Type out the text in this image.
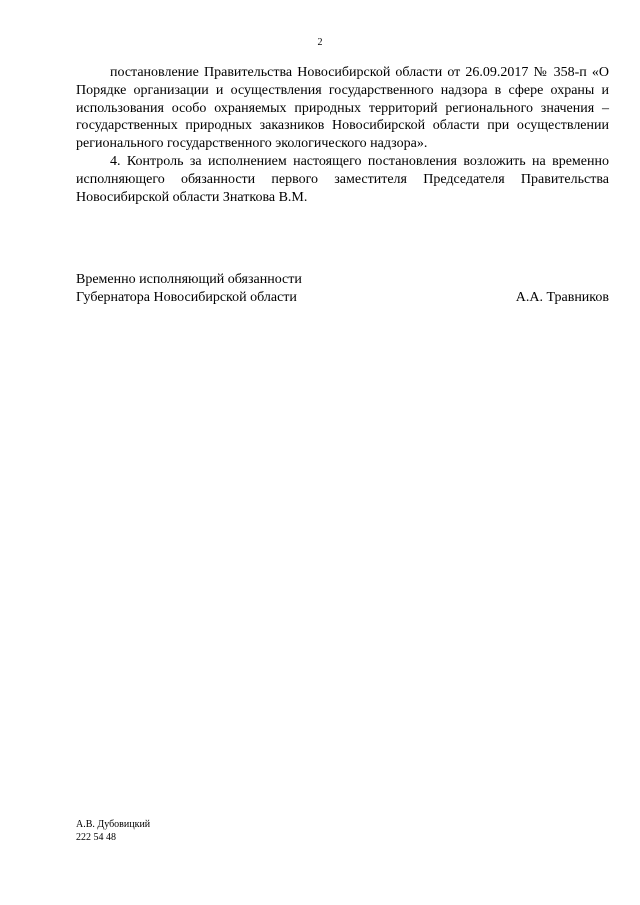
2

постановление Правительства Новосибирской области от 26.09.2017 № 358-п «О Порядке организации и осуществления государственного надзора в сфере охраны и использования особо охраняемых природных территорий регионального значения – государственных природных заказников Новосибирской области при осуществлении регионального государственного экологического надзора».

4. Контроль за исполнением настоящего постановления возложить на временно исполняющего обязанности первого заместителя Председателя Правительства Новосибирской области Знаткова В.М.

Временно исполняющий обязанности
Губернатора Новосибирской области	А.А. Травников
А.В. Дубовицкий
222 54 48
